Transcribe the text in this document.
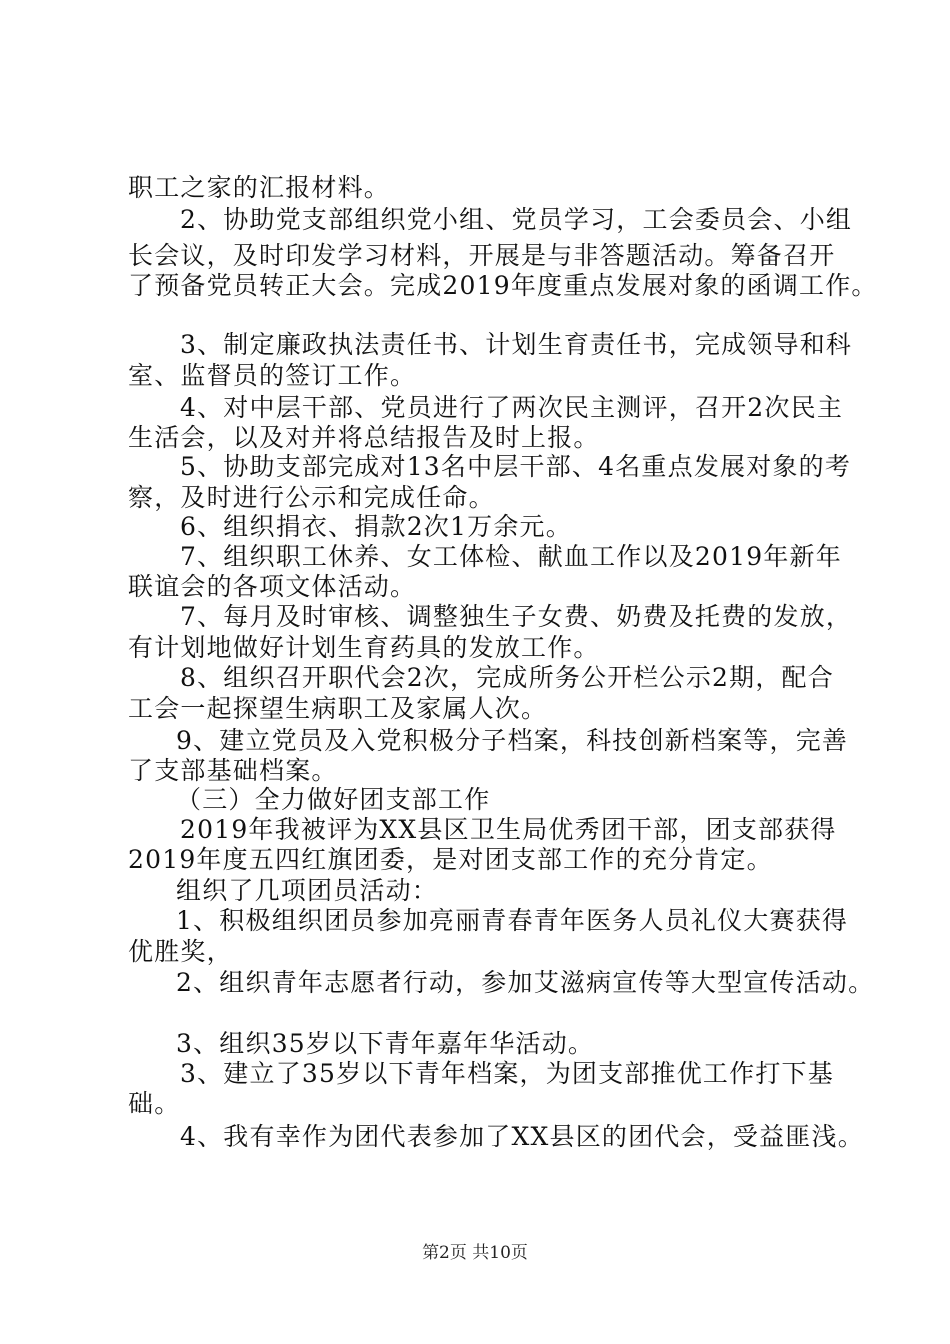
职工之家的汇报材料。
2、协助党支部组织党小组、党员学习，工会委员会、小组
长会议，及时印发学习材料，开展是与非答题活动。筹备召开
了预备党员转正大会。完成2019年度重点发展对象的函调工作。
3、制定廉政执法责任书、计划生育责任书，完成领导和科
室、监督员的签订工作。
4、对中层干部、党员进行了两次民主测评，召开2次民主
生活会，以及对并将总结报告及时上报。
5、协助支部完成对13名中层干部、4名重点发展对象的考
察，及时进行公示和完成任命。
6、组织捐衣、捐款2次1万余元。
7、组织职工休养、女工体检、献血工作以及2019年新年
联谊会的各项文体活动。
7、每月及时审核、调整独生子女费、奶费及托费的发放，
有计划地做好计划生育药具的发放工作。
8、组织召开职代会2次，完成所务公开栏公示2期，配合
工会一起探望生病职工及家属人次。
9、建立党员及入党积极分子档案，科技创新档案等，完善
了支部基础档案。
（三）全力做好团支部工作
2019年我被评为XX县区卫生局优秀团干部，团支部获得
2019年度五四红旗团委，是对团支部工作的充分肯定。
组织了几项团员活动：
1、积极组织团员参加亮丽青春青年医务人员礼仪大赛获得
优胜奖，
2、组织青年志愿者行动，参加艾滋病宣传等大型宣传活动。
3、组织35岁以下青年嘉年华活动。
3、建立了35岁以下青年档案，为团支部推优工作打下基
础。
4、我有幸作为团代表参加了XX县区的团代会，受益匪浅。
第2页 共10页
